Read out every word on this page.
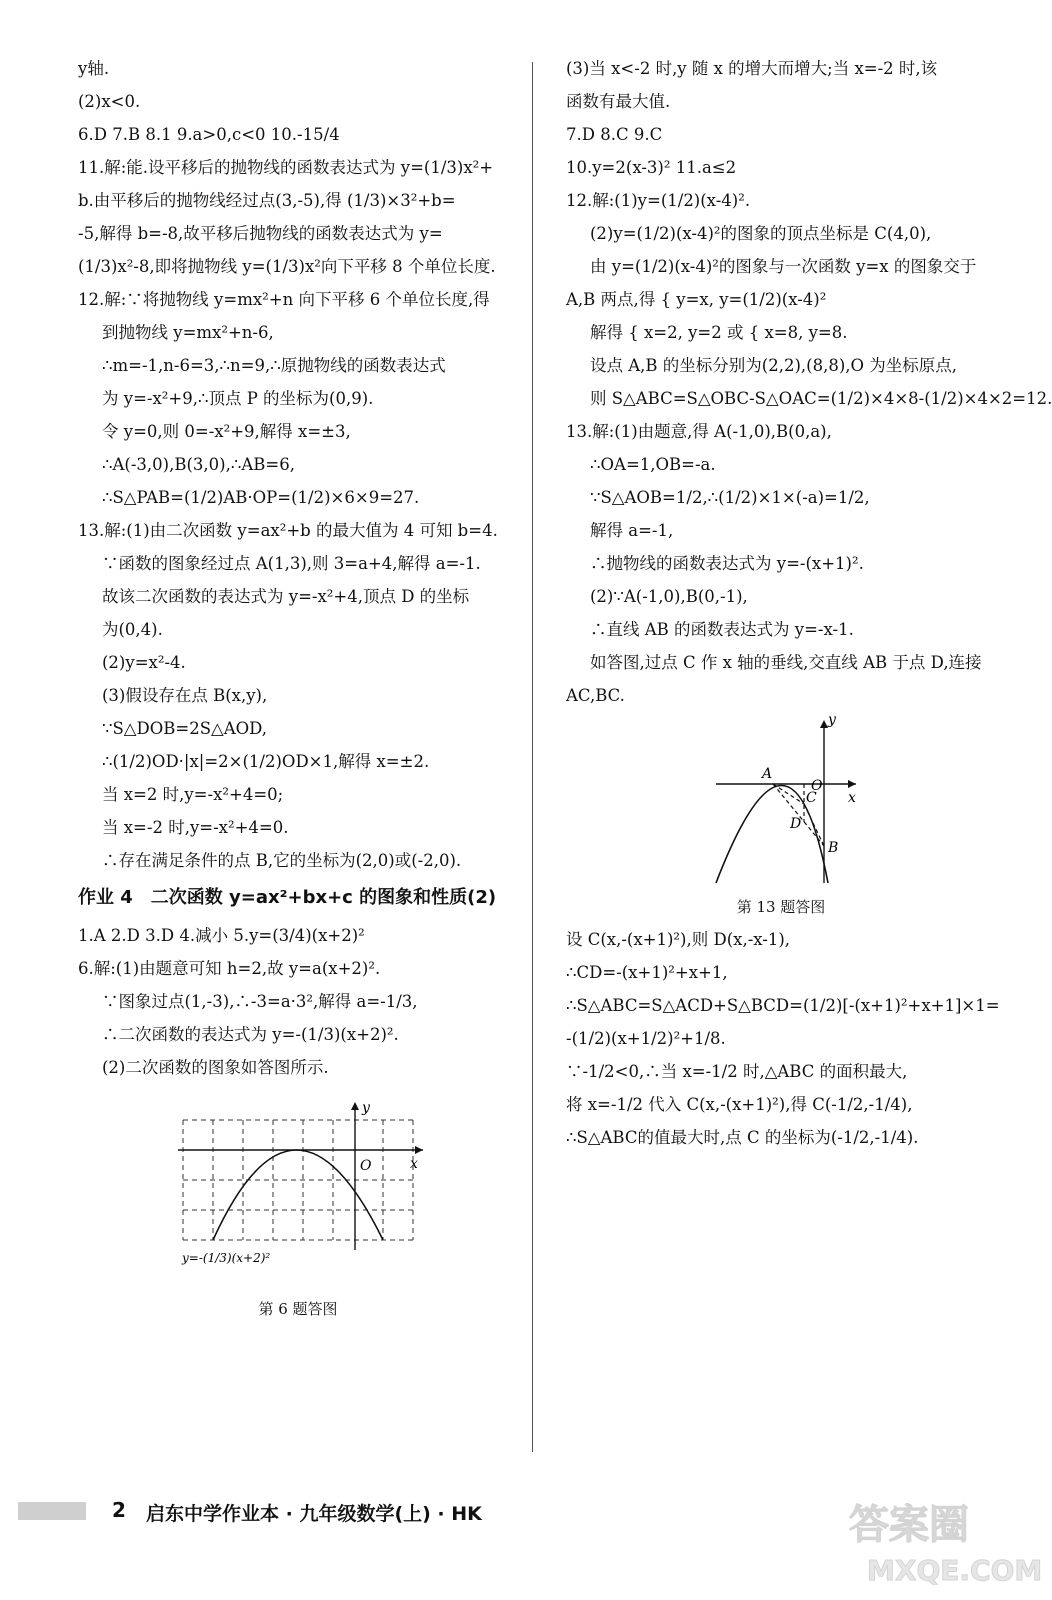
y轴.
(2)x<0.
6.D 7.B 8.1 9.a>0,c<0 10.-15/4
11.解:能.设平移后的抛物线的函数表达式为 y=(1/3)x²+
b.由平移后的抛物线经过点(3,-5),得 (1/3)×3²+b=
-5,解得 b=-8,故平移后抛物线的函数表达式为 y=
(1/3)x²-8,即将抛物线 y=(1/3)x²向下平移 8 个单位长度.
12.解:∵将抛物线 y=mx²+n 向下平移 6 个单位长度,得
到抛物线 y=mx²+n-6,
∴m=-1,n-6=3,∴n=9,∴原抛物线的函数表达式
为 y=-x²+9,∴顶点 P 的坐标为(0,9).
令 y=0,则 0=-x²+9,解得 x=±3,
∴A(-3,0),B(3,0),∴AB=6,
∴S△PAB=(1/2)AB·OP=(1/2)×6×9=27.
13.解:(1)由二次函数 y=ax²+b 的最大值为 4 可知 b=4.
∵函数的图象经过点 A(1,3),则 3=a+4,解得 a=-1.
故该二次函数的表达式为 y=-x²+4,顶点 D 的坐标
为(0,4).
(2)y=x²-4.
(3)假设存在点 B(x,y),
∵S△DOB=2S△AOD,
∴(1/2)OD·|x|=2×(1/2)OD×1,解得 x=±2.
当 x=2 时,y=-x²+4=0;
当 x=-2 时,y=-x²+4=0.
∴存在满足条件的点 B,它的坐标为(2,0)或(-2,0).
作业 4　二次函数 y=ax²+bx+c 的图象和性质(2)
1.A 2.D 3.D 4.减小 5.y=(3/4)(x+2)²
6.解:(1)由题意可知 h=2,故 y=a(x+2)².
∵图象过点(1,-3),∴-3=a·3²,解得 a=-1/3,
∴二次函数的表达式为 y=-(1/3)(x+2)².
(2)二次函数的图象如答图所示.
y
x
O
y=-(1/3)(x+2)²
第 6 题答图
(3)当 x<-2 时,y 随 x 的增大而增大;当 x=-2 时,该
函数有最大值.
7.D 8.C 9.C
10.y=2(x-3)² 11.a≤2
12.解:(1)y=(1/2)(x-4)².
(2)y=(1/2)(x-4)²的图象的顶点坐标是 C(4,0),
由 y=(1/2)(x-4)²的图象与一次函数 y=x 的图象交于
A,B 两点,得 { y=x, y=(1/2)(x-4)²
解得 { x=2, y=2 或 { x=8, y=8.
设点 A,B 的坐标分别为(2,2),(8,8),O 为坐标原点,
则 S△ABC=S△OBC-S△OAC=(1/2)×4×8-(1/2)×4×2=12.
13.解:(1)由题意,得 A(-1,0),B(0,a),
∴OA=1,OB=-a.
∵S△AOB=1/2,∴(1/2)×1×(-a)=1/2,
解得 a=-1,
∴抛物线的函数表达式为 y=-(x+1)².
(2)∵A(-1,0),B(0,-1),
∴直线 AB 的函数表达式为 y=-x-1.
如答图,过点 C 作 x 轴的垂线,交直线 AB 于点 D,连接
AC,BC.
y
x
A
C
O
D
B
第 13 题答图
设 C(x,-(x+1)²),则 D(x,-x-1),
∴CD=-(x+1)²+x+1,
∴S△ABC=S△ACD+S△BCD=(1/2)[-(x+1)²+x+1]×1=
-(1/2)(x+1/2)²+1/8.
∵-1/2<0,∴当 x=-1/2 时,△ABC 的面积最大,
将 x=-1/2 代入 C(x,-(x+1)²),得 C(-1/2,-1/4),
∴S△ABC的值最大时,点 C 的坐标为(-1/2,-1/4).
2 启东中学作业本 · 九年级数学(上) · HK	答案圈
MXQE.COM
